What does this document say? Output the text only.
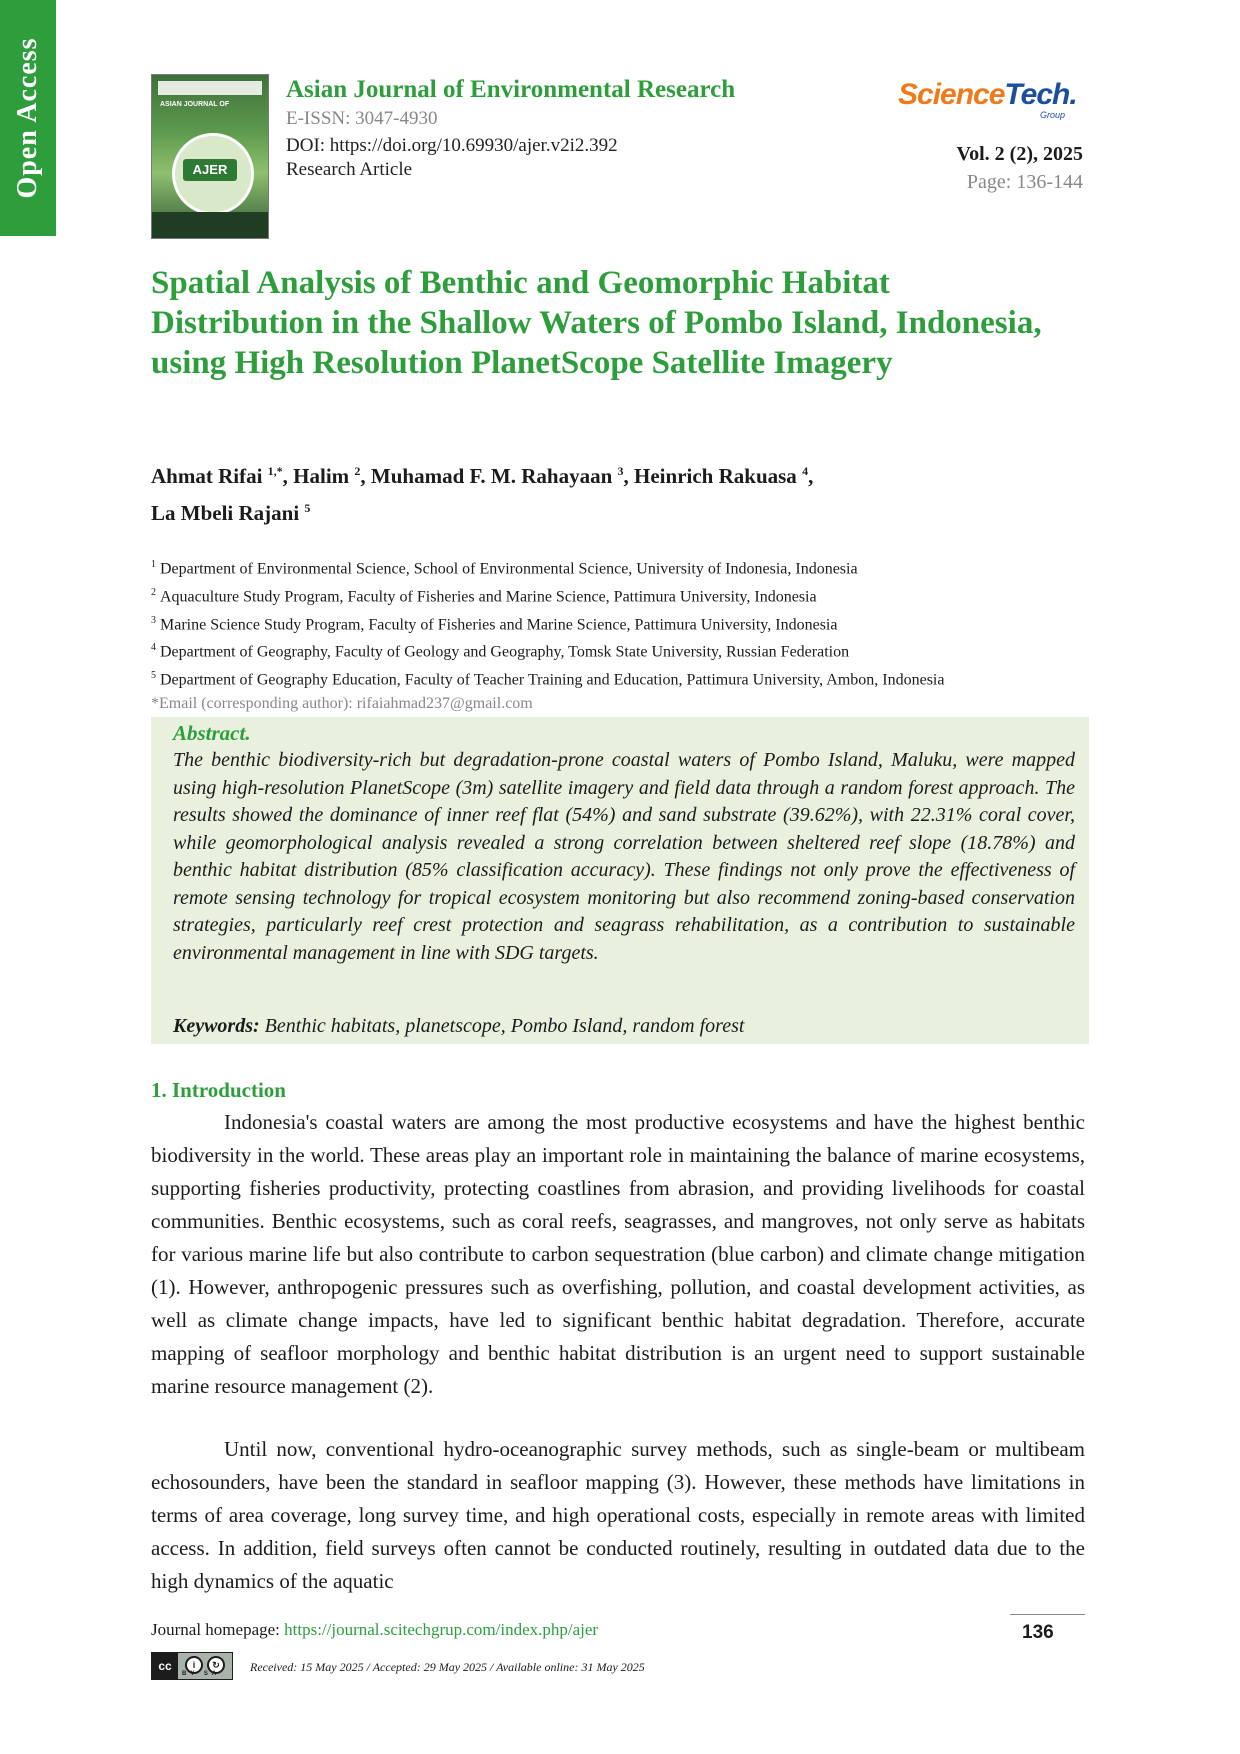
Open Access	ASIAN JOURNAL OF
AJER
Asian Journal of Environmental Research
E-ISSN: 3047-4930
DOI: https://doi.org/10.69930/ajer.v2i2.392
Research Article
ScienceTech.
Group
Vol. 2 (2), 2025
Page: 136-144
Spatial Analysis of Benthic and Geomorphic Habitat Distribution in the Shallow Waters of Pombo Island, Indonesia, using High Resolution PlanetScope Satellite Imagery
Ahmat Rifai $^{1,*}$, Halim $^2$, Muhamad F. M. Rahayaan $^3$, Heinrich Rakuasa $^4$,
La Mbeli Rajani $^5$
$^1$ Department of Environmental Science, School of Environmental Science, University of Indonesia, Indonesia
$^2$ Aquaculture Study Program, Faculty of Fisheries and Marine Science, Pattimura University, Indonesia
$^3$ Marine Science Study Program, Faculty of Fisheries and Marine Science, Pattimura University, Indonesia
$^4$ Department of Geography, Faculty of Geology and Geography, Tomsk State University, Russian Federation
$^5$ Department of Geography Education, Faculty of Teacher Training and Education, Pattimura University, Ambon, Indonesia
*Email (corresponding author): rifaiahmad237@gmail.com
Abstract.
The benthic biodiversity-rich but degradation-prone coastal waters of Pombo Island, Maluku, were mapped using high-resolution PlanetScope (3m) satellite imagery and field data through a random forest approach. The results showed the dominance of inner reef flat (54%) and sand substrate (39.62%), with 22.31% coral cover, while geomorphological analysis revealed a strong correlation between sheltered reef slope (18.78%) and benthic habitat distribution (85% classification accuracy). These findings not only prove the effectiveness of remote sensing technology for tropical ecosystem monitoring but also recommend zoning-based conservation strategies, particularly reef crest protection and seagrass rehabilitation, as a contribution to sustainable environmental management in line with SDG targets.
Keywords: Benthic habitats, planetscope, Pombo Island, random forest
1. Introduction
Indonesia's coastal waters are among the most productive ecosystems and have the highest benthic biodiversity in the world. These areas play an important role in maintaining the balance of marine ecosystems, supporting fisheries productivity, protecting coastlines from abrasion, and providing livelihoods for coastal communities. Benthic ecosystems, such as coral reefs, seagrasses, and mangroves, not only serve as habitats for various marine life but also contribute to carbon sequestration (blue carbon) and climate change mitigation (1). However, anthropogenic pressures such as overfishing, pollution, and coastal development activities, as well as climate change impacts, have led to significant benthic habitat degradation. Therefore, accurate mapping of seafloor morphology and benthic habitat distribution is an urgent need to support sustainable marine resource management (2).
Until now, conventional hydro-oceanographic survey methods, such as single-beam or multibeam echosounders, have been the standard in seafloor mapping (3). However, these methods have limitations in terms of area coverage, long survey time, and high operational costs, especially in remote areas with limited access. In addition, field surveys often cannot be conducted routinely, resulting in outdated data due to the high dynamics of the aquatic
Journal homepage: https://journal.scitechgrup.com/index.php/ajer	136
cc	i	↻
BY SA Received: 15 May 2025 / Accepted: 29 May 2025 / Available online: 31 May 2025
